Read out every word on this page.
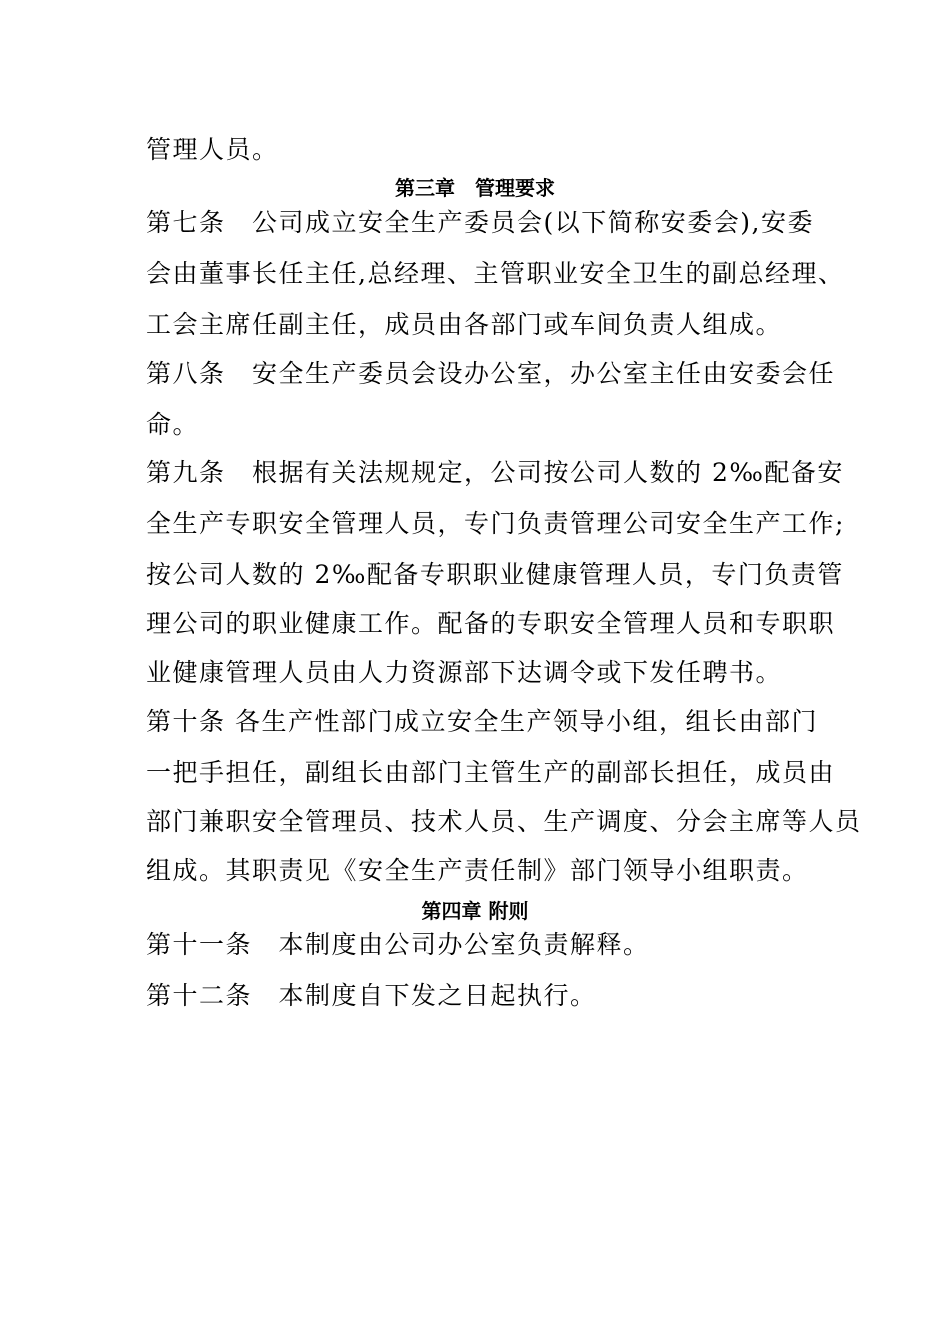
管理人员。
第三章　管理要求
第七条　公司成立安全生产委员会(以下简称安委会),安委
会由董事长任主任,总经理、主管职业安全卫生的副总经理、
工会主席任副主任，成员由各部门或车间负责人组成。
第八条　安全生产委员会设办公室，办公室主任由安委会任
命。
第九条　根据有关法规规定，公司按公司人数的 2‰配备安
全生产专职安全管理人员，专门负责管理公司安全生产工作;
按公司人数的 2‰配备专职职业健康管理人员，专门负责管
理公司的职业健康工作。配备的专职安全管理人员和专职职
业健康管理人员由人力资源部下达调令或下发任聘书。
第十条 各生产性部门成立安全生产领导小组，组长由部门
一把手担任，副组长由部门主管生产的副部长担任，成员由
部门兼职安全管理员、技术人员、生产调度、分会主席等人员
组成。其职责见《安全生产责任制》部门领导小组职责。
第四章 附则
第十一条　本制度由公司办公室负责解释。
第十二条　本制度自下发之日起执行。
